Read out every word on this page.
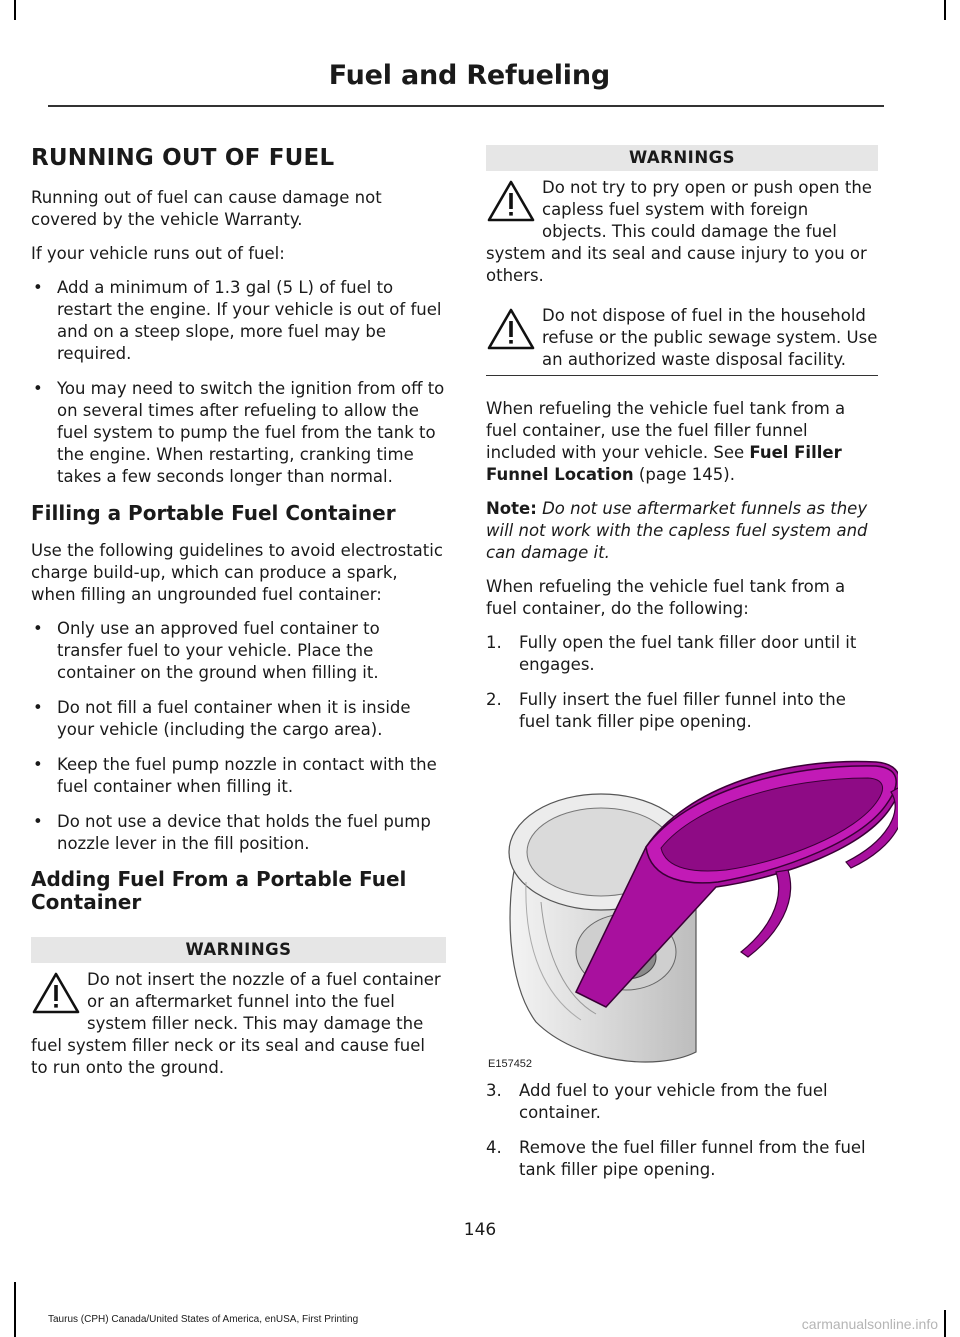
Fuel and Refueling
RUNNING OUT OF FUEL

Running out of fuel can cause damage not covered by the vehicle Warranty.

If your vehicle runs out of fuel:

• Add a minimum of 1.3 gal (5 L) of fuel to restart the engine. If your vehicle is out of fuel and on a steep slope, more fuel may be required.
• You may need to switch the ignition from off to on several times after refueling to allow the fuel system to pump the fuel from the tank to the engine. When restarting, cranking time takes a few seconds longer than normal.
Filling a Portable Fuel Container

Use the following guidelines to avoid electrostatic charge build-up, which can produce a spark, when filling an ungrounded fuel container:

• Only use an approved fuel container to transfer fuel to your vehicle. Place the container on the ground when filling it.
• Do not fill a fuel container when it is inside your vehicle (including the cargo area).
• Keep the fuel pump nozzle in contact with the fuel container when filling it.
• Do not use a device that holds the fuel pump nozzle lever in the fill position.
Adding Fuel From a Portable Fuel Container
WARNINGS
Do not insert the nozzle of a fuel container or an aftermarket funnel into the fuel system filler neck. This may damage the fuel system filler neck or its seal and cause fuel to run onto the ground.
WARNINGS
Do not try to pry open or push open the capless fuel system with foreign objects. This could damage the fuel system and its seal and cause injury to you or others.
Do not dispose of fuel in the household refuse or the public sewage system. Use an authorized waste disposal facility.

When refueling the vehicle fuel tank from a fuel container, use the fuel filler funnel included with your vehicle. See Fuel Filler Funnel Location (page 145).

Note: Do not use aftermarket funnels as they will not work with the capless fuel system and can damage it.

When refueling the vehicle fuel tank from a fuel container, do the following:

1. Fully open the fuel tank filler door until it engages.
2. Fully insert the fuel filler funnel into the fuel tank filler pipe opening.
3. Add fuel to your vehicle from the fuel container.
4. Remove the fuel filler funnel from the fuel tank filler pipe opening.
E157452
146
Taurus (CPH) Canada/United States of America, enUSA, First Printing	carmanualsonline.info
